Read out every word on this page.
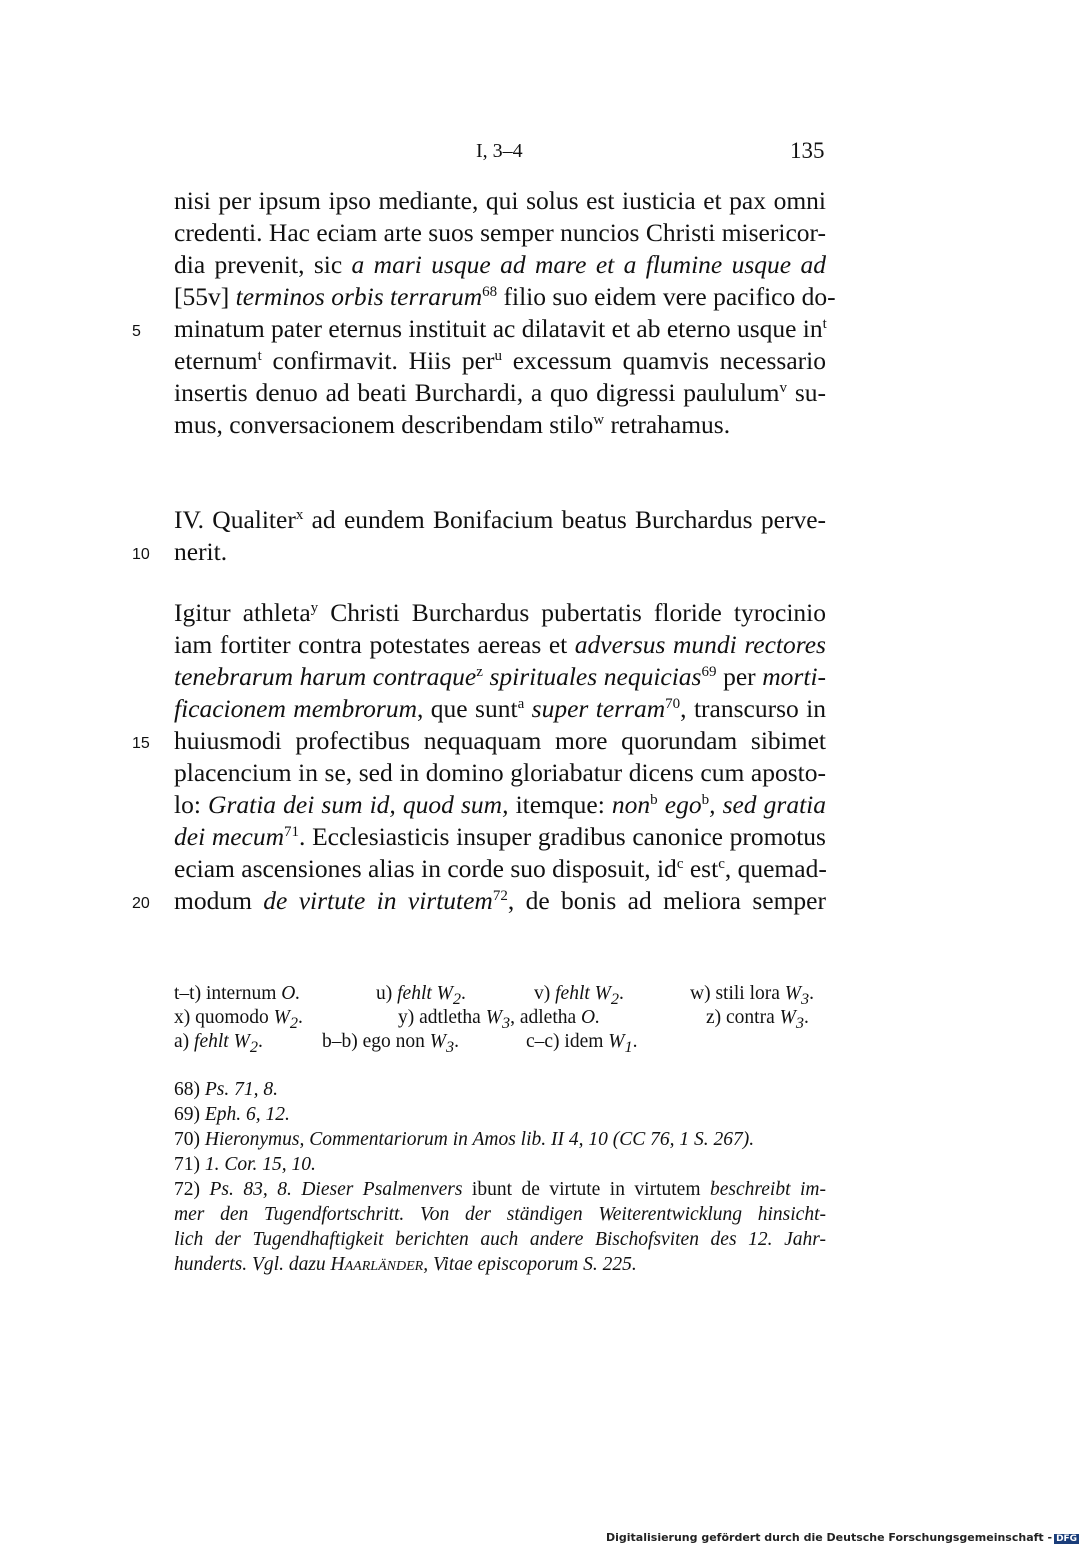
I, 3–4	135
nisi per ipsum ipso mediante, qui solus est iusticia et pax omni
credenti. Hac eciam arte suos semper nuncios Christi misericor-
dia prevenit, sic a mari usque ad mare et a flumine usque ad
[55v] terminos orbis terrarum$^{68}$ filio suo eidem vere pacifico do-
minatum pater eternus instituit ac dilatavit et ab eterno usque $in^t$
eternum$^t$ confirmavit. Hiis per$^u$ excessum quamvis necessario
insertis denuo ad beati Burchardi, a quo digressi paululum$^v$ su-
mus, conversacionem describendam stilo$^w$ retrahamus.
IV. Qualiter$^x$ ad eundem Bonifacium beatus Burchardus perve-
nerit.
Igitur athleta$^y$ Christi Burchardus pubertatis floride tyrocinio
iam fortiter contra potestates aereas et adversus mundi rectores
tenebrarum harum contraque$^z$ spirituales nequicias$^{69}$ per morti-
ficacionem membrorum, que sunt$^a$ super terram$^{70}$, transcurso in
huiusmodi profectibus nequaquam more quorundam sibimet
placencium in se, sed in domino gloriabatur dicens cum aposto-
lo: Gratia dei sum id, quod sum, itemque: non$^b$ ego$^b$, sed gratia
dei mecum$^{71}$. Ecclesiasticis insuper gradibus canonice promotus
eciam ascensiones alias in corde suo disposuit, $id^c$ est$^c$, quemad-
modum de virtute in virtutem$^{72}$, de bonis ad meliora semper
5
10
15
20
t–t) internum O.	u) fehlt $W_2$.	v) fehlt $W_2$.	w) stili lora $W_3$.
x) quomodo $W_2$.	y) adtletha $W_3$, adletha O.	z) contra $W_3$.
a) fehlt $W_2$.	b–b) ego non $W_3$.	c–c) idem $W_1$.
68) Ps. 71, 8.
69) Eph. 6, 12.
70) Hieronymus, Commentariorum in Amos lib. II 4, 10 (CC 76, 1 S. 267).
71) 1. Cor. 15, 10.
72) Ps. 83, 8. Dieser Psalmenvers ibunt de virtute in virtutem beschreibt im-
mer den Tugendfortschritt. Von der ständigen Weiterentwicklung hinsicht-
lich der Tugendhaftigkeit berichten auch andere Bischofsviten des 12. Jahr-
hunderts. Vgl. dazu Haarländer, Vitae episcoporum S. 225.
Digitalisierung gefördert durch die Deutsche Forschungsgemeinschaft - DFG
